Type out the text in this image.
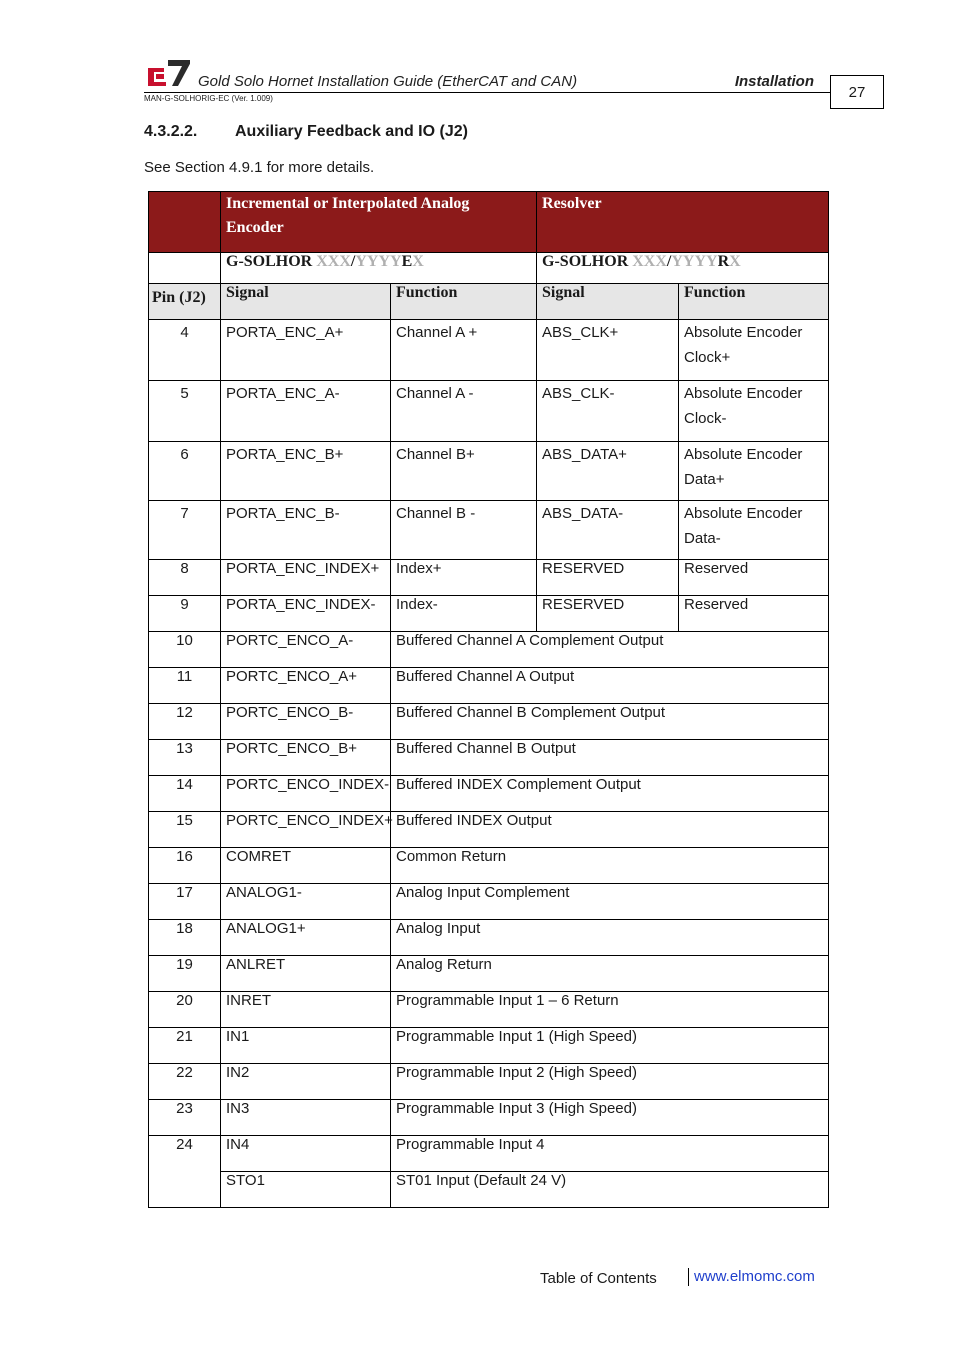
Gold Solo Hornet Installation Guide (EtherCAT and CAN)	Installation
MAN-G-SOLHORIG-EC (Ver. 1.009)	27
4.3.2.2. Auxiliary Feedback and IO (J2)
See Section 4.9.1 for more details.
	Incremental or Interpolated Analog Encoder		Resolver	
	G-SOLHOR XXX/YYYYEX		G-SOLHOR XXX/YYYYRX	
Pin (J2)	Signal	Function	Signal	Function
4	PORTA_ENC_A+	Channel A +	ABS_CLK+	Absolute Encoder Clock+
5	PORTA_ENC_A-	Channel A -	ABS_CLK-	Absolute Encoder Clock-
6	PORTA_ENC_B+	Channel B+	ABS_DATA+	Absolute Encoder Data+
7	PORTA_ENC_B-	Channel B -	ABS_DATA-	Absolute Encoder Data-
8	PORTA_ENC_INDEX+	Index+	RESERVED	Reserved
9	PORTA_ENC_INDEX-	Index-	RESERVED	Reserved
10	PORTC_ENCO_A-	Buffered Channel A Complement Output		
11	PORTC_ENCO_A+	Buffered Channel A Output		
12	PORTC_ENCO_B-	Buffered Channel B Complement Output		
13	PORTC_ENCO_B+	Buffered Channel B Output		
14	PORTC_ENCO_INDEX-	Buffered INDEX Complement Output		
15	PORTC_ENCO_INDEX+	Buffered INDEX Output		
16	COMRET	Common Return		
17	ANALOG1-	Analog Input Complement		
18	ANALOG1+	Analog Input		
19	ANLRET	Analog Return		
20	INRET	Programmable Input 1 – 6 Return		
21	IN1	Programmable Input 1 (High Speed)		
22	IN2	Programmable Input 2 (High Speed)		
23	IN3	Programmable Input 3 (High Speed)		
24	IN4	Programmable Input 4		
	STO1	ST01 Input (Default 24 V)		
Table of Contents www.elmomc.com
